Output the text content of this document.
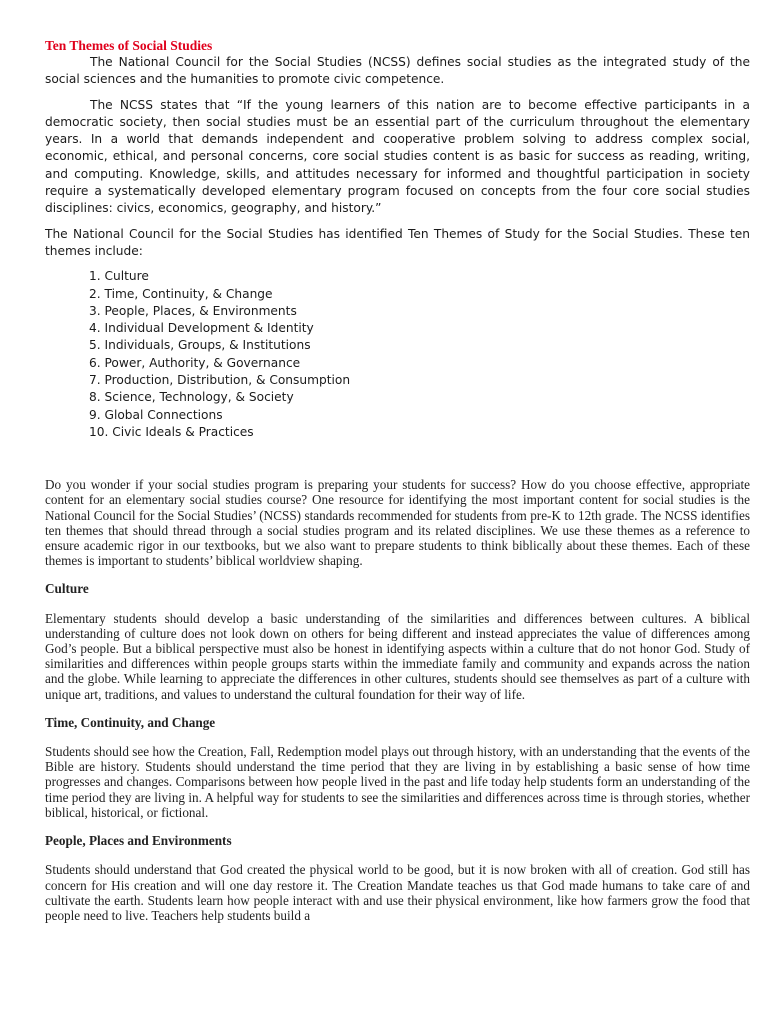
Ten Themes of Social Studies

The National Council for the Social Studies (NCSS) defines social studies as the integrated study of the social sciences and the humanities to promote civic competence.

The NCSS states that “If the young learners of this nation are to become effective participants in a democratic society, then social studies must be an essential part of the curriculum throughout the elementary years. In a world that demands independent and cooperative problem solving to address complex social, economic, ethical, and personal concerns, core social studies content is as basic for success as reading, writing, and computing. Knowledge, skills, and attitudes necessary for informed and thoughtful participation in society require a systematically developed elementary program focused on concepts from the four core social studies disciplines: civics, economics, geography, and history.”

The National Council for the Social Studies has identified Ten Themes of Study for the Social Studies. These ten themes include:

1. Culture
2. Time, Continuity, & Change
3. People, Places, & Environments
4. Individual Development & Identity
5. Individuals, Groups, & Institutions
6. Power, Authority, & Governance
7. Production, Distribution, & Consumption
8. Science, Technology, & Society
9. Global Connections
10. Civic Ideals & Practices

Do you wonder if your social studies program is preparing your students for success? How do you choose effective, appropriate content for an elementary social studies course? One resource for identifying the most important content for social studies is the National Council for the Social Studies’ (NCSS) standards recommended for students from pre-K to 12th grade. The NCSS identifies ten themes that should thread through a social studies program and its related disciplines. We use these themes as a reference to ensure academic rigor in our textbooks, but we also want to prepare students to think biblically about these themes. Each of these themes is important to students’ biblical worldview shaping.

Culture

Elementary students should develop a basic understanding of the similarities and differences between cultures. A biblical understanding of culture does not look down on others for being different and instead appreciates the value of differences among God’s people. But a biblical perspective must also be honest in identifying aspects within a culture that do not honor God. Study of similarities and differences within people groups starts within the immediate family and community and expands across the nation and the globe. While learning to appreciate the differences in other cultures, students should see themselves as part of a culture with unique art, traditions, and values to understand the cultural foundation for their way of life.

Time, Continuity, and Change

Students should see how the Creation, Fall, Redemption model plays out through history, with an understanding that the events of the Bible are history. Students should understand the time period that they are living in by establishing a basic sense of how time progresses and changes. Comparisons between how people lived in the past and life today help students form an understanding of the time period they are living in. A helpful way for students to see the similarities and differences across time is through stories, whether biblical, historical, or fictional.

People, Places and Environments

Students should understand that God created the physical world to be good, but it is now broken with all of creation. God still has concern for His creation and will one day restore it. The Creation Mandate teaches us that God made humans to take care of and cultivate the earth. Students learn how people interact with and use their physical environment, like how farmers grow the food that people need to live. Teachers help students build a
